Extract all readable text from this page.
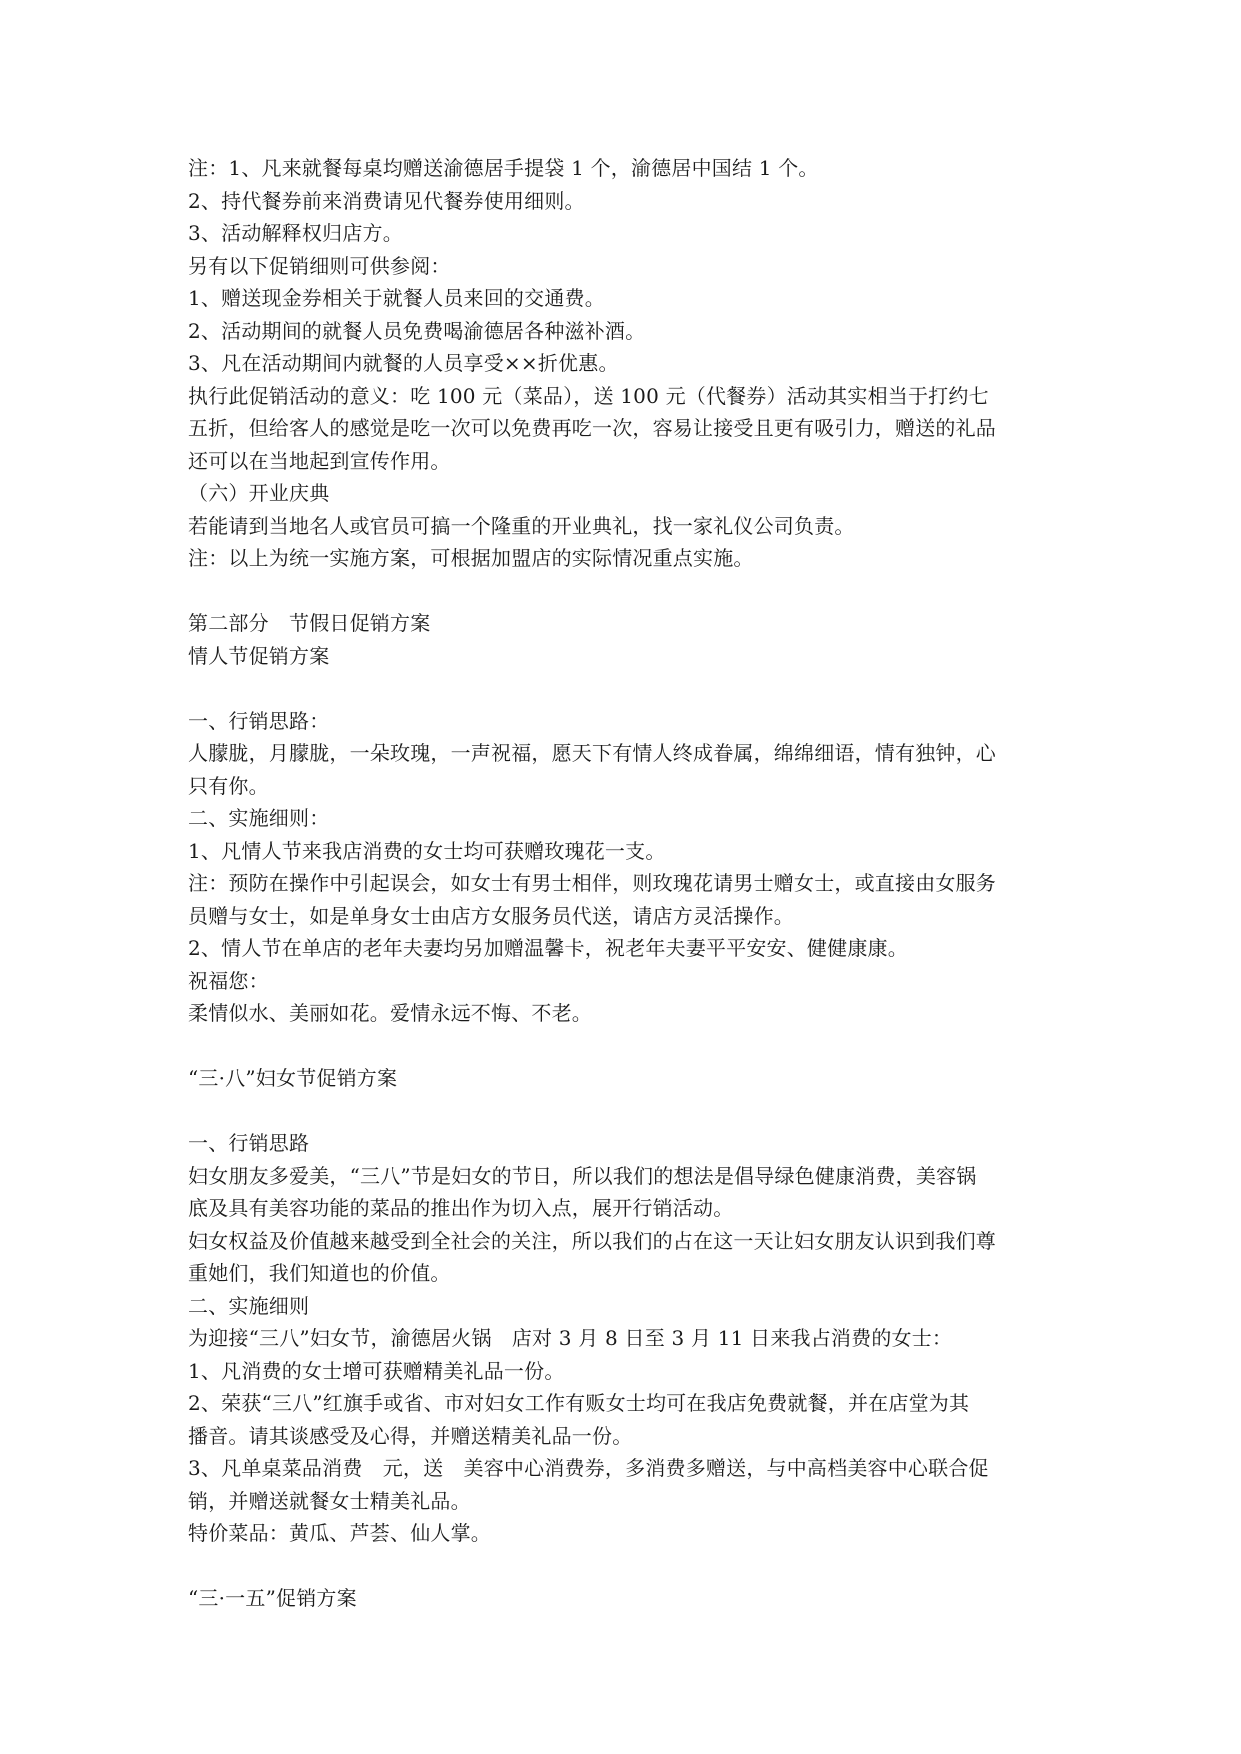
注：1、凡来就餐每桌均赠送渝德居手提袋 1 个，渝德居中国结 1 个。
2、持代餐券前来消费请见代餐券使用细则。
3、活动解释权归店方。
另有以下促销细则可供参阅：
1、赠送现金券相关于就餐人员来回的交通费。
2、活动期间的就餐人员免费喝渝德居各种滋补酒。
3、凡在活动期间内就餐的人员享受××折优惠。
执行此促销活动的意义：吃 100 元（菜品），送 100 元（代餐券）活动其实相当于打约七
五折，但给客人的感觉是吃一次可以免费再吃一次，容易让接受且更有吸引力，赠送的礼品
还可以在当地起到宣传作用。
（六）开业庆典
若能请到当地名人或官员可搞一个隆重的开业典礼，找一家礼仪公司负责。
注：以上为统一实施方案，可根据加盟店的实际情况重点实施。
第二部分　节假日促销方案
情人节促销方案
一、行销思路：
人朦胧，月朦胧，一朵玫瑰，一声祝福，愿天下有情人终成眷属，绵绵细语，情有独钟，心
只有你。
二、实施细则：
1、凡情人节来我店消费的女士均可获赠玫瑰花一支。
注：预防在操作中引起误会，如女士有男士相伴，则玫瑰花请男士赠女士，或直接由女服务
员赠与女士，如是单身女士由店方女服务员代送，请店方灵活操作。
2、情人节在单店的老年夫妻均另加赠温馨卡，祝老年夫妻平平安安、健健康康。
祝福您：
柔情似水、美丽如花。爱情永远不悔、不老。
“三·八”妇女节促销方案
一、行销思路
妇女朋友多爱美，“三八”节是妇女的节日，所以我们的想法是倡导绿色健康消费，美容锅
底及具有美容功能的菜品的推出作为切入点，展开行销活动。
妇女权益及价值越来越受到全社会的关注，所以我们的占在这一天让妇女朋友认识到我们尊
重她们，我们知道也的价值。
二、实施细则
为迎接“三八”妇女节，渝德居火锅　店对 3 月 8 日至 3 月 11 日来我占消费的女士：
1、凡消费的女士增可获赠精美礼品一份。
2、荣获“三八”红旗手或省、市对妇女工作有贩女士均可在我店免费就餐，并在店堂为其
播音。请其谈感受及心得，并赠送精美礼品一份。
3、凡单桌菜品消费　元，送　美容中心消费券，多消费多赠送，与中高档美容中心联合促
销，并赠送就餐女士精美礼品。
特价菜品：黄瓜、芦荟、仙人掌。
“三·一五”促销方案
